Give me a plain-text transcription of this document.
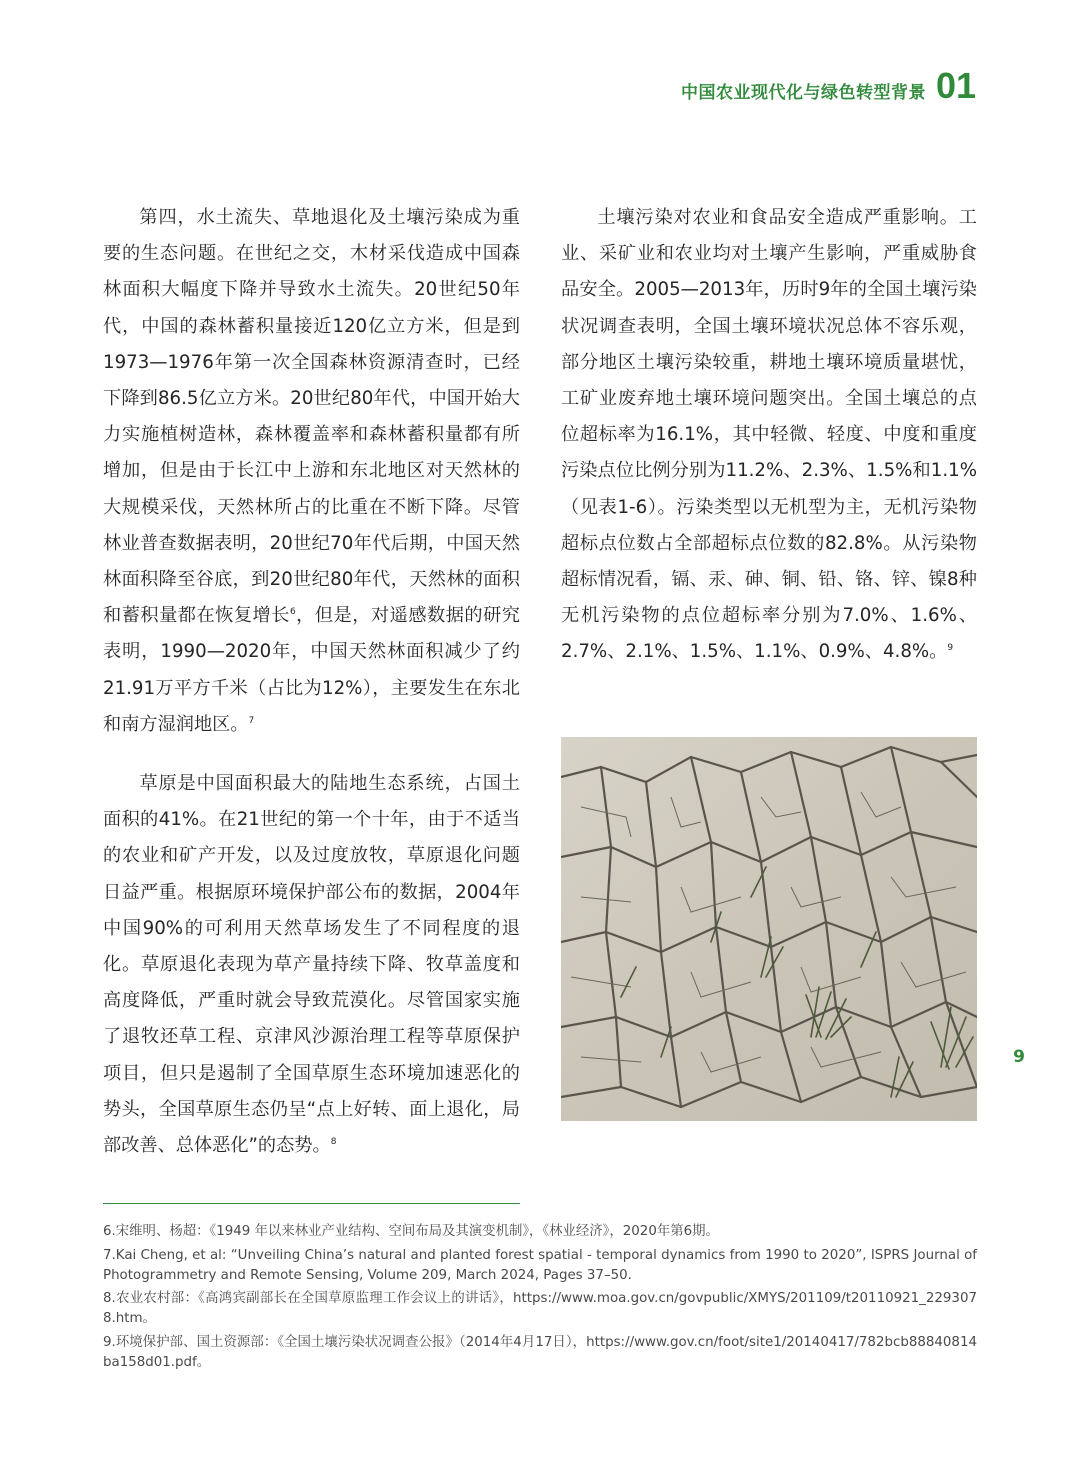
中国农业现代化与绿色转型背景 01

第四，水土流失、草地退化及土壤污染成为重要的生态问题。在世纪之交，木材采伐造成中国森林面积大幅度下降并导致水土流失。20世纪50年代，中国的森林蓄积量接近120亿立方米，但是到1973—1976年第一次全国森林资源清查时，已经下降到86.5亿立方米。20世纪80年代，中国开始大力实施植树造林，森林覆盖率和森林蓄积量都有所增加，但是由于长江中上游和东北地区对天然林的大规模采伐，天然林所占的比重在不断下降。尽管林业普查数据表明，20世纪70年代后期，中国天然林面积降至谷底，到20世纪80年代，天然林的面积和蓄积量都在恢复增长$^6$，但是，对遥感数据的研究表明，1990—2020年，中国天然林面积减少了约21.91万平方千米（占比为12%），主要发生在东北和南方湿润地区。$^7$

草原是中国面积最大的陆地生态系统，占国土面积的41%。在21世纪的第一个十年，由于不适当的农业和矿产开发，以及过度放牧，草原退化问题日益严重。根据原环境保护部公布的数据，2004年中国90%的可利用天然草场发生了不同程度的退化。草原退化表现为草产量持续下降、牧草盖度和高度降低，严重时就会导致荒漠化。尽管国家实施了退牧还草工程、京津风沙源治理工程等草原保护项目，但只是遏制了全国草原生态环境加速恶化的势头，全国草原生态仍呈“点上好转、面上退化，局部改善、总体恶化”的态势。$^8$

土壤污染对农业和食品安全造成严重影响。工业、采矿业和农业均对土壤产生影响，严重威胁食品安全。2005—2013年，历时9年的全国土壤污染状况调查表明，全国土壤环境状况总体不容乐观，部分地区土壤污染较重，耕地土壤环境质量堪忧，工矿业废弃地土壤环境问题突出。全国土壤总的点位超标率为16.1%，其中轻微、轻度、中度和重度污染点位比例分别为11.2%、2.3%、1.5%和1.1%（见表1-6）。污染类型以无机型为主，无机污染物超标点位数占全部超标点位数的82.8%。从污染物超标情况看，镉、汞、砷、铜、铅、铬、锌、镍8种无机污染物的点位超标率分别为7.0%、1.6%、2.7%、2.1%、1.5%、1.1%、0.9%、4.8%。$^9$

6.宋维明、杨超：《1949 年以来林业产业结构、空间布局及其演变机制》，《林业经济》，2020年第6期。
7.Kai Cheng, et al: “Unveiling China’s natural and planted forest spatial - temporal dynamics from 1990 to 2020”, ISPRS Journal of Photogrammetry and Remote Sensing, Volume 209, March 2024, Pages 37–50.
8.农业农村部：《高鸿宾副部长在全国草原监理工作会议上的讲话》，https://www.moa.gov.cn/govpublic/XMYS/201109/t20110921_2293078.htm。
9.环境保护部、国土资源部：《全国土壤污染状况调查公报》（2014年4月17日），https://www.gov.cn/foot/site1/20140417/782bcb88840814ba158d01.pdf。
9
